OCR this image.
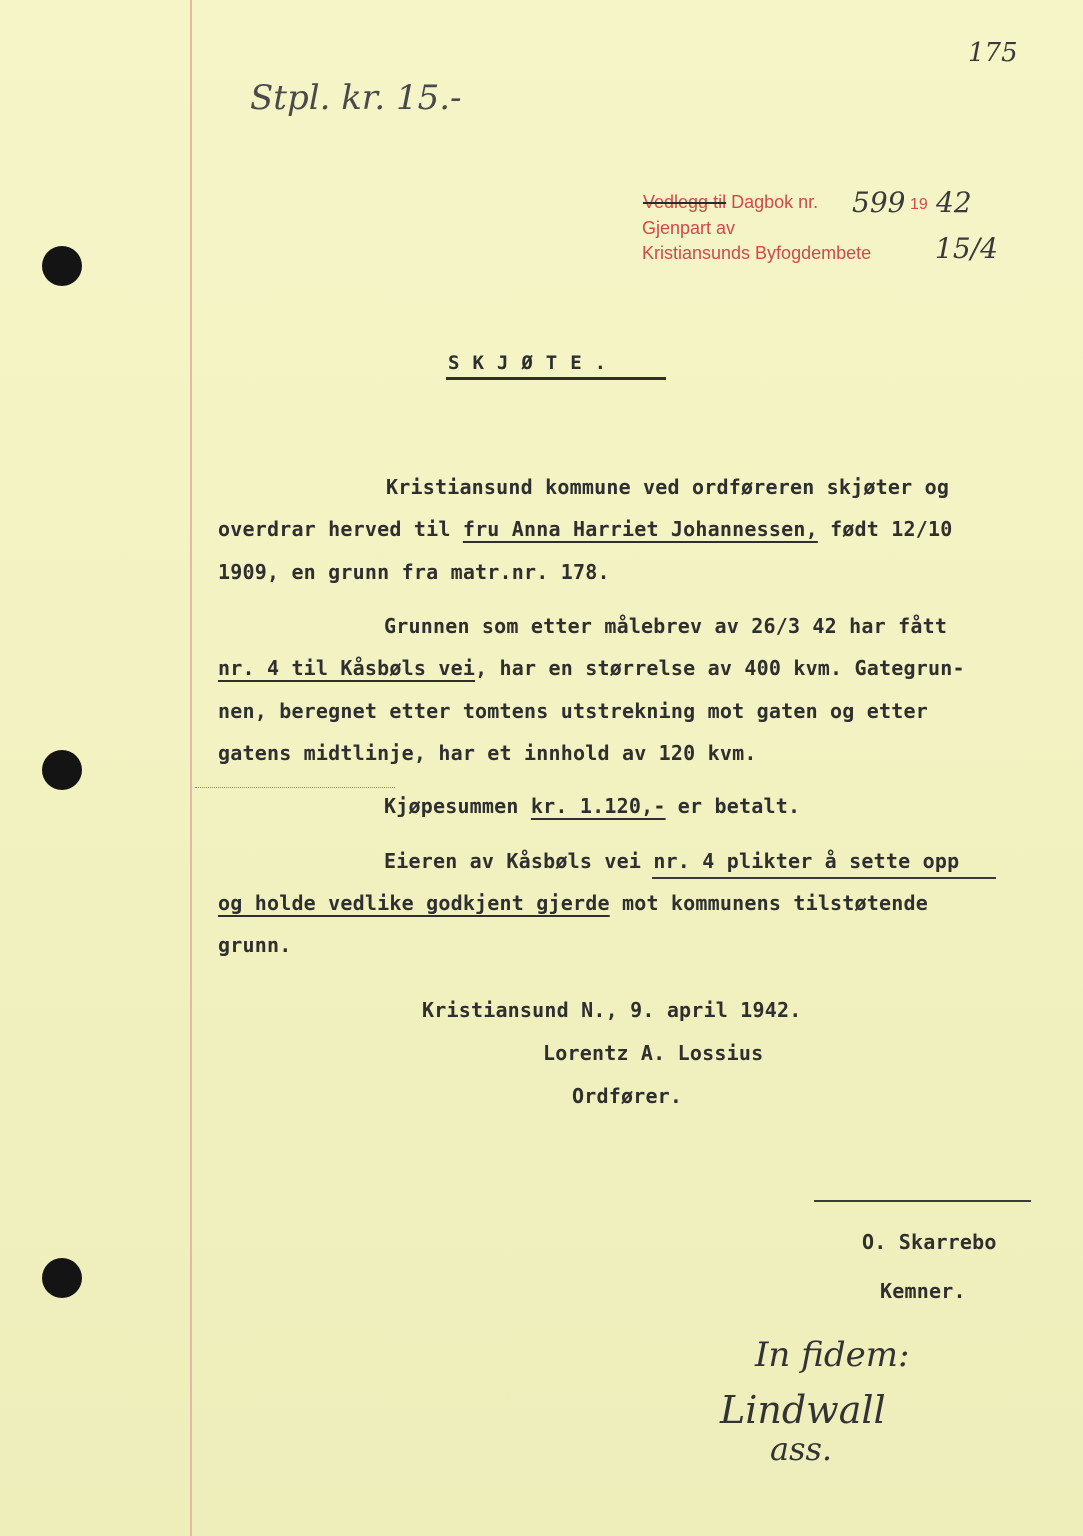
175
Stpl. kr. 15.-
Vedlegg til Dagbok nr. 599 19 42
Gjenpart av
Kristiansunds Byfogdembete 15/4
SKJØTE.
Kristiansund kommune ved ordføreren skjøter og
overdrar herved til fru Anna Harriet Johannessen, født 12/10
1909, en grunn fra matr.nr. 178.
Grunnen som etter målebrev av 26/3 42 har fått
nr. 4 til Kåsbøls vei, har en størrelse av 400 kvm. Gategrun-
nen, beregnet etter tomtens utstrekning mot gaten og etter
gatens midtlinje, har et innhold av 120 kvm.
Kjøpesummen kr. 1.120,- er betalt.
Eieren av Kåsbøls vei nr. 4 plikter å sette opp
og holde vedlike godkjent gjerde mot kommunens tilstøtende
grunn.
Kristiansund N., 9. april 1942.
Lorentz A. Lossius
Ordfører.
O. Skarrebo
Kemner.
In fidem:
Lindwall
ass.
